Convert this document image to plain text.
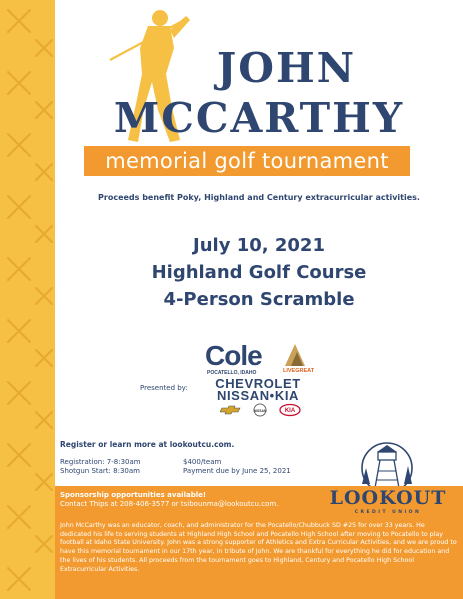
JOHN
MCCARTHY
memorial golf tournament
Proceeds benefit Poky, Highland and Century extracurricular activities.
July 10, 2021
Highland Golf Course
4-Person Scramble
Presented by:
Cole
POCATELLO, IDAHO	LIVEGREAT
CHEVROLET
NISSAN•KIA
NISSAN	KIA
Register or learn more at lookoutcu.com.
Registration: 7-8:30am	$400/team
Shotgun Start: 8:30am	Payment due by June 25, 2021
Sponsorship opportunities available!
Contact Thips at 208-406-3577 or tsibounma@lookoutcu.com.	LOOKOUT
CREDIT UNION
John McCarthy was an educator, coach, and administrator for the Pocatello/Chubbuck SD #25 for over 33 years. He dedicated his life to serving students at Highland High School and Pocatello High School after moving to Pocatello to play football at Idaho State University. John was a strong supporter of Athletics and Extra Curricular Activities, and we are proud to have this memorial tournament in our 17th year, in tribute of John. We are thankful for everything he did for education and the lives of his students. All proceeds from the tournament goes to Highland, Century and Pocatello High School Extracurricular Activities.
